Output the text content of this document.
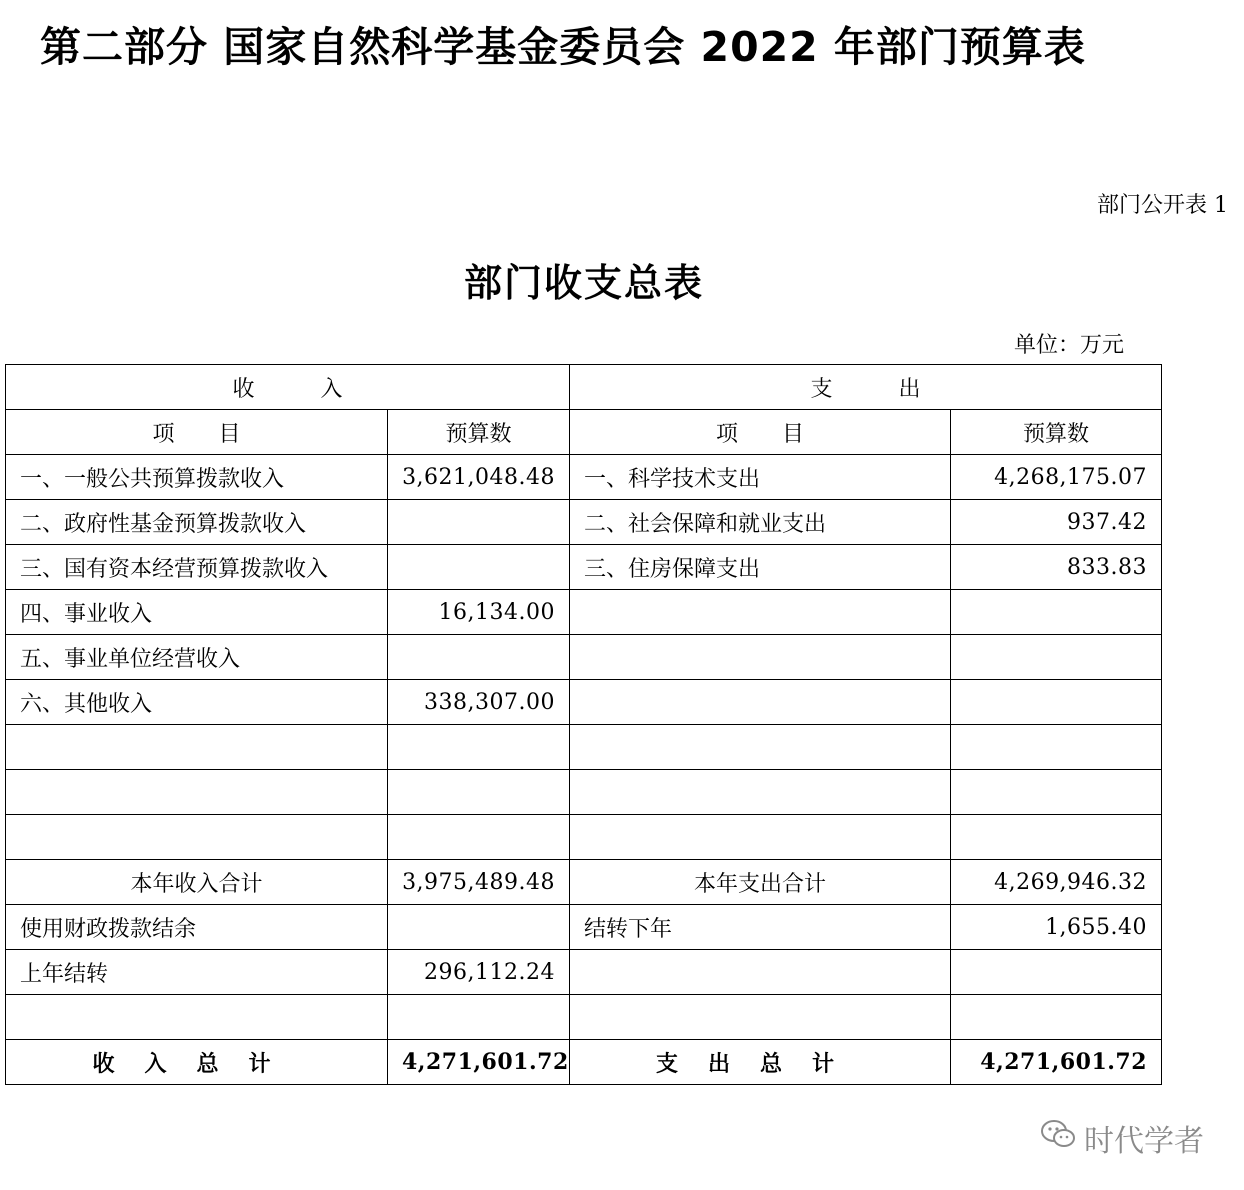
第二部分 国家自然科学基金委员会 2022 年部门预算表
部门公开表 1
部门收支总表
单位：万元
收　　　入		支　　　出	
项　　目	预算数	项　　目	预算数
一、一般公共预算拨款收入	3,621,048.48	一、科学技术支出	4,268,175.07
二、政府性基金预算拨款收入		二、社会保障和就业支出	937.42
三、国有资本经营预算拨款收入		三、住房保障支出	833.83
四、事业收入	16,134.00		
五、事业单位经营收入			
六、其他收入	338,307.00		

本年收入合计	3,975,489.48	本年支出合计	4,269,946.32
使用财政拨款结余		结转下年	1,655.40
上年结转	296,112.24		

收入总计	4,271,601.72	支出总计	4,271,601.72
时代学者
